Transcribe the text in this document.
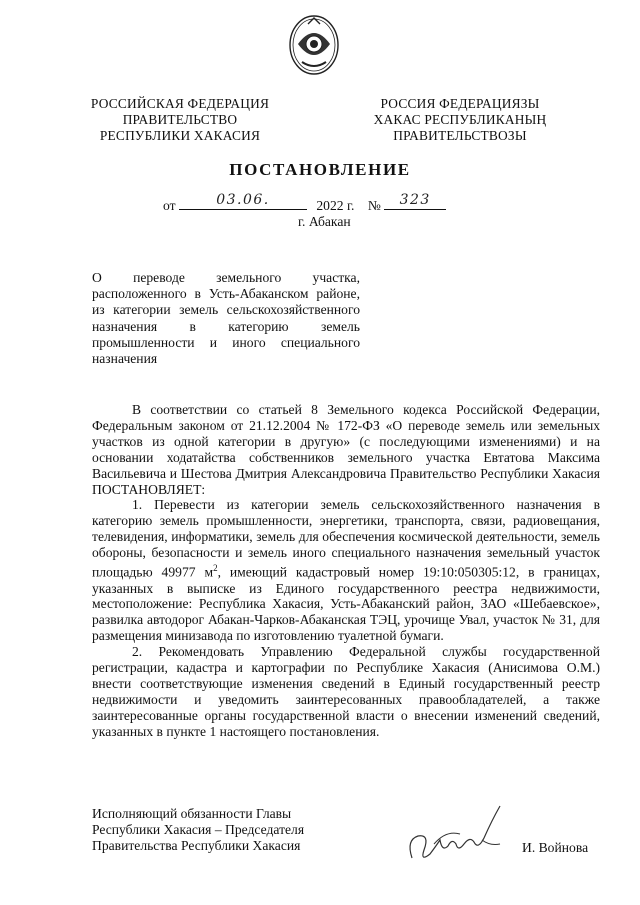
РОССИЙСКАЯ ФЕДЕРАЦИЯ
ПРАВИТЕЛЬСТВО
РЕСПУБЛИКИ ХАКАСИЯ
РОССИЯ ФЕДЕРАЦИЯЗЫ
ХАКАС РЕСПУБЛИКАНЫҢ
ПРАВИТЕЛЬСТВОЗЫ
ПОСТАНОВЛЕНИЕ
от	03.06.	2022 г. №	323
г. Абакан
О переводе земельного участка,
расположенного в Усть-Абаканском районе,
из категории земель сельскохозяйственного
назначения в категорию земель
промышленности и иного специального
назначения

В соответствии со статьей 8 Земельного кодекса Российской Федерации, Федеральным законом от 21.12.2004 № 172-ФЗ «О переводе земель или земельных участков из одной категории в другую» (с последующими изменениями) и на основании ходатайства собственников земельного участка Евтатова Максима Васильевича и Шестова Дмитрия Александровича Правительство Республики Хакасия ПОСТАНОВЛЯЕТ:

1. Перевести из категории земель сельскохозяйственного назначения в категорию земель промышленности, энергетики, транспорта, связи, радиовещания, телевидения, информатики, земель для обеспечения космической деятельности, земель обороны, безопасности и земель иного специального назначения земельный участок площадью 49977 $м^2$, имеющий кадастровый номер 19:10:050305:12, в границах, указанных в выписке из Единого государственного реестра недвижимости, местоположение: Республика Хакасия, Усть-Абаканский район, ЗАО «Шебаевское», развилка автодорог Абакан-Чарков-Абаканская ТЭЦ, урочище Увал, участок № 31, для размещения минизавода по изготовлению туалетной бумаги.

2. Рекомендовать Управлению Федеральной службы государственной регистрации, кадастра и картографии по Республике Хакасия (Анисимова О.М.) внести соответствующие изменения сведений в Единый государственный реестр недвижимости и уведомить заинтересованных правообладателей, а также заинтересованные органы государственной власти о внесении изменений сведений, указанных в пункте 1 настоящего постановления.

Исполняющий обязанности Главы
Республики Хакасия – Председателя
Правительства Республики Хакасия	И. Войнова
